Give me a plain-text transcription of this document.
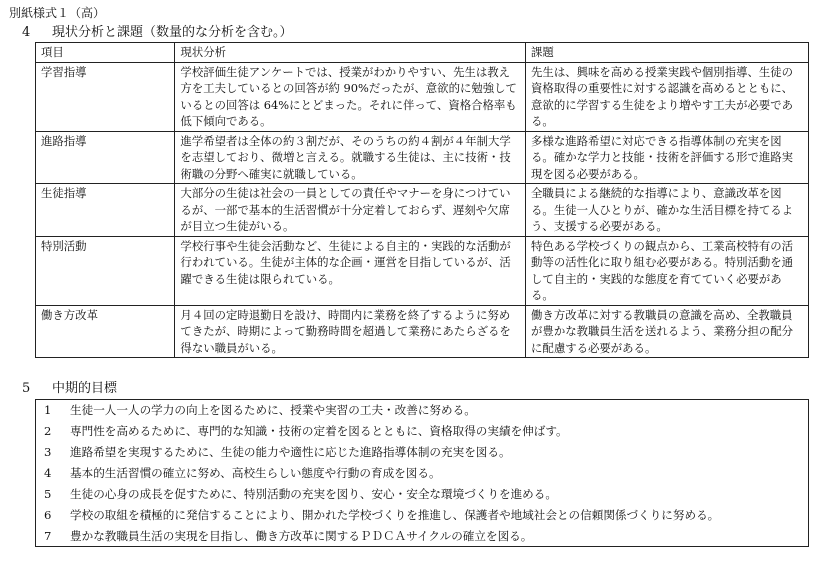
別紙様式１（高）
4 現状分析と課題（数量的な分析を含む。）
項目	現状分析	課題
学習指導	学校評価生徒アンケートでは、授業がわかりやすい、先生は教え方を工夫しているとの回答が約 90%だったが、意欲的に勉強しているとの回答は 64%にとどまった。それに伴って、資格合格率も低下傾向である。	先生は、興味を高める授業実践や個別指導、生徒の資格取得の重要性に対する認識を高めるとともに、意欲的に学習する生徒をより増やす工夫が必要である。
進路指導	進学希望者は全体の約３割だが、そのうちの約４割が４年制大学を志望しており、微増と言える。就職する生徒は、主に技術・技術職の分野へ確実に就職している。	多様な進路希望に対応できる指導体制の充実を図る。確かな学力と技能・技術を評価する形で進路実現を図る必要がある。
生徒指導	大部分の生徒は社会の一員としての責任やマナーを身につけているが、一部で基本的生活習慣が十分定着しておらず、遅刻や欠席が目立つ生徒がいる。	全職員による継続的な指導により、意識改革を図る。生徒一人ひとりが、確かな生活目標を持てるよう、支援する必要がある。
特別活動	学校行事や生徒会活動など、生徒による自主的・実践的な活動が行われている。生徒が主体的な企画・運営を目指しているが、活躍できる生徒は限られている。	特色ある学校づくりの観点から、工業高校特有の活動等の活性化に取り組む必要がある。特別活動を通して自主的・実践的な態度を育てていく必要がある。
働き方改革	月４回の定時退勤日を設け、時間内に業務を終了するように努めてきたが、時期によって勤務時間を超過して業務にあたらざるを得ない職員がいる。	働き方改革に対する教職員の意識を高め、全教職員が豊かな教職員生活を送れるよう、業務分担の配分に配慮する必要がある。
5 中期的目標
1 生徒一人一人の学力の向上を図るために、授業や実習の工夫・改善に努める。
2 専門性を高めるために、専門的な知識・技術の定着を図るとともに、資格取得の実績を伸ばす。
3 進路希望を実現するために、生徒の能力や適性に応じた進路指導体制の充実を図る。
4 基本的生活習慣の確立に努め、高校生らしい態度や行動の育成を図る。
5 生徒の心身の成長を促すために、特別活動の充実を図り、安心・安全な環境づくりを進める。
6 学校の取組を積極的に発信することにより、開かれた学校づくりを推進し、保護者や地域社会との信頼関係づくりに努める。
7 豊かな教職員生活の実現を目指し、働き方改革に関するＰＤＣＡサイクルの確立を図る。
